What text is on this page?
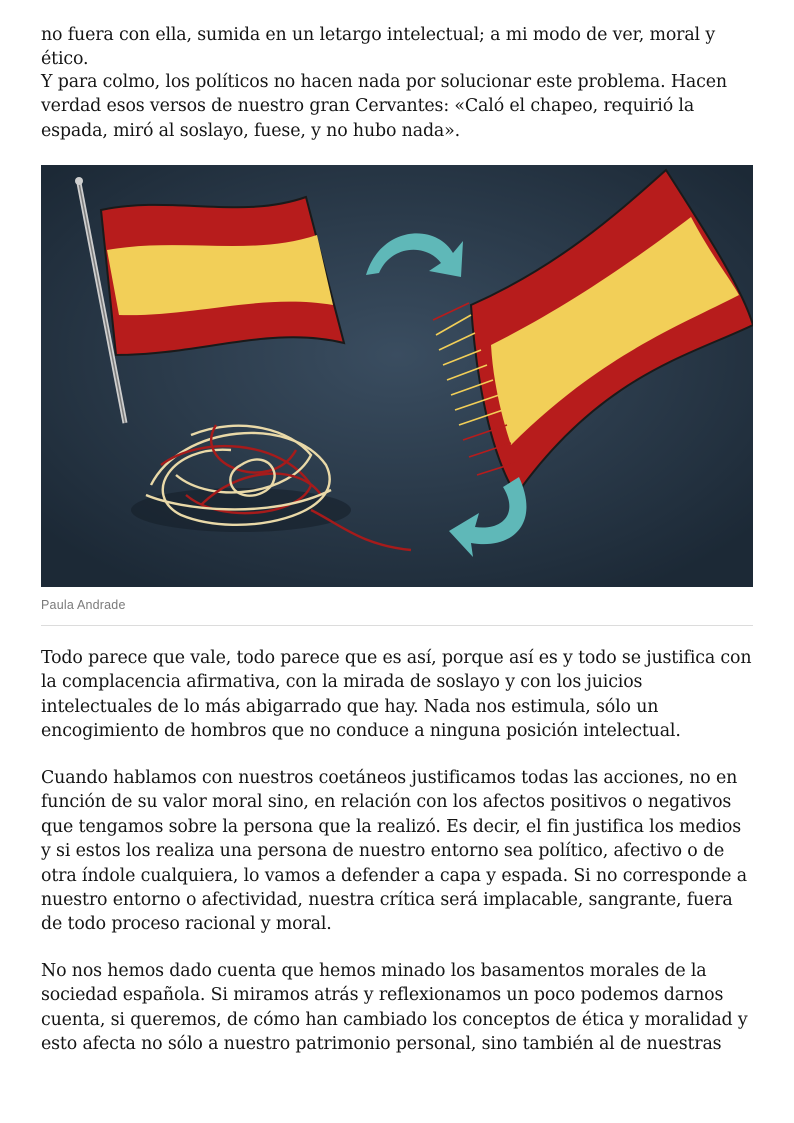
no fuera con ella, sumida en un letargo intelectual; a mi modo de ver, moral y ético.

Y para colmo, los políticos no hacen nada por solucionar este problema. Hacen verdad esos versos de nuestro gran Cervantes: «Caló el chapeo, requirió la espada, miró al soslayo, fuese, y no hubo nada».

Paula Andrade

Todo parece que vale, todo parece que es así, porque así es y todo se justifica con la complacencia afirmativa, con la mirada de soslayo y con los juicios intelectuales de lo más abigarrado que hay. Nada nos estimula, sólo un encogimiento de hombros que no conduce a ninguna posición intelectual.

Cuando hablamos con nuestros coetáneos justificamos todas las acciones, no en función de su valor moral sino, en relación con los afectos positivos o negativos que tengamos sobre la persona que la realizó. Es decir, el fin justifica los medios y si estos los realiza una persona de nuestro entorno sea político, afectivo o de otra índole cualquiera, lo vamos a defender a capa y espada. Si no corresponde a nuestro entorno o afectividad, nuestra crítica será implacable, sangrante, fuera de todo proceso racional y moral.

No nos hemos dado cuenta que hemos minado los basamentos morales de la sociedad española. Si miramos atrás y reflexionamos un poco podemos darnos cuenta, si queremos, de cómo han cambiado los conceptos de ética y moralidad y esto afecta no sólo a nuestro patrimonio personal, sino también al de nuestras
